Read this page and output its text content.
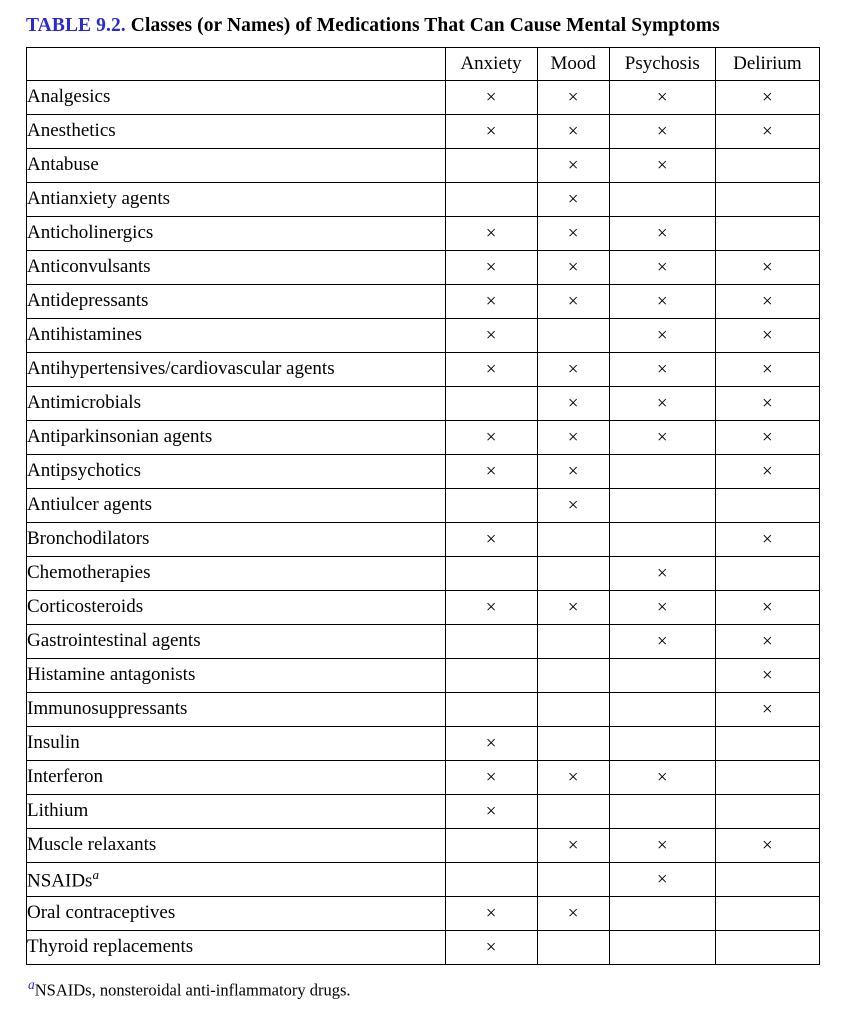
TABLE 9.2. Classes (or Names) of Medications That Can Cause Mental Symptoms
	Anxiety	Mood	Psychosis	Delirium
Analgesics	×	×	×	×
Anesthetics	×	×	×	×
Antabuse		×	×	
Antianxiety agents		×		
Anticholinergics	×	×	×	
Anticonvulsants	×	×	×	×
Antidepressants	×	×	×	×
Antihistamines	×		×	×
Antihypertensives/cardiovascular agents	×	×	×	×
Antimicrobials		×	×	×
Antiparkinsonian agents	×	×	×	×
Antipsychotics	×	×		×
Antiulcer agents		×		
Bronchodilators	×			×
Chemotherapies			×	
Corticosteroids	×	×	×	×
Gastrointestinal agents			×	×
Histamine antagonists				×
Immunosuppressants				×
Insulin	×			
Interferon	×	×	×	
Lithium	×			
Muscle relaxants		×	×	×
NSAIDs$^a$			×	
Oral contraceptives	×	×		
Thyroid replacements	×			
$^a$NSAIDs, nonsteroidal anti-inflammatory drugs.
